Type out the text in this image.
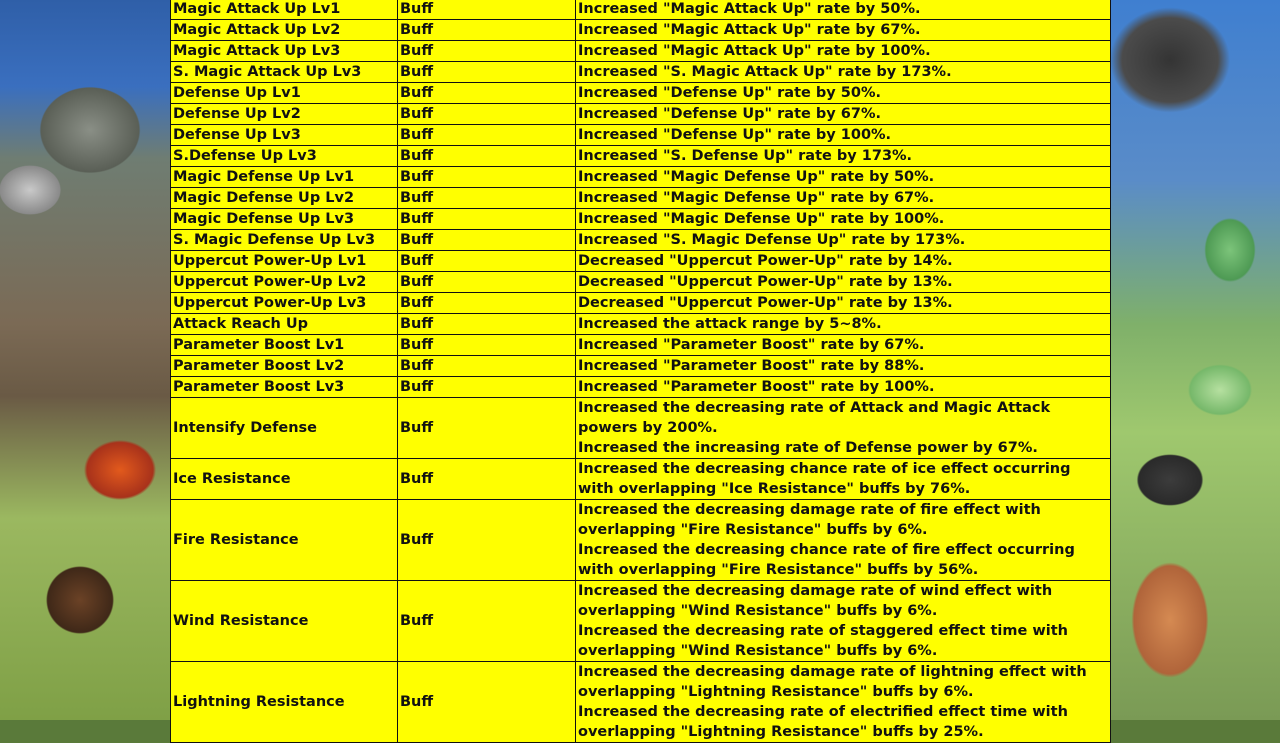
Magic Attack Up Lv1	Buff	Increased "Magic Attack Up" rate by 50%.

Magic Attack Up Lv2	Buff	Increased "Magic Attack Up" rate by 67%.

Magic Attack Up Lv3	Buff	Increased "Magic Attack Up" rate by 100%.

S. Magic Attack Up Lv3	Buff	Increased "S. Magic Attack Up" rate by 173%.

Defense Up Lv1	Buff	Increased "Defense Up" rate by 50%.

Defense Up Lv2	Buff	Increased "Defense Up" rate by 67%.

Defense Up Lv3	Buff	Increased "Defense Up" rate by 100%.

S.Defense Up Lv3	Buff	Increased "S. Defense Up" rate by 173%.

Magic Defense Up Lv1	Buff	Increased "Magic Defense Up" rate by 50%.

Magic Defense Up Lv2	Buff	Increased "Magic Defense Up" rate by 67%.

Magic Defense Up Lv3	Buff	Increased "Magic Defense Up" rate by 100%.

S. Magic Defense Up Lv3	Buff	Increased "S. Magic Defense Up" rate by 173%.

Uppercut Power-Up Lv1	Buff	Decreased "Uppercut Power-Up" rate by 14%.

Uppercut Power-Up Lv2	Buff	Decreased "Uppercut Power-Up" rate by 13%.

Uppercut Power-Up Lv3	Buff	Decreased "Uppercut Power-Up" rate by 13%.

Attack Reach Up	Buff	Increased the attack range by 5~8%.

Parameter Boost Lv1	Buff	Increased "Parameter Boost" rate by 67%.

Parameter Boost Lv2	Buff	Increased "Parameter Boost" rate by 88%.

Parameter Boost Lv3	Buff	Increased "Parameter Boost" rate by 100%.

Intensify Defense	Buff	Increased the decreasing rate of Attack and Magic Attack powers by 200%.
Increased the increasing rate of Defense power by 67%.

Ice Resistance	Buff	Increased the decreasing chance rate of ice effect occurring with overlapping "Ice Resistance" buffs by 76%.

Fire Resistance	Buff	Increased the decreasing damage rate of fire effect with overlapping "Fire Resistance" buffs by 6%.
Increased the decreasing chance rate of fire effect occurring with overlapping "Fire Resistance" buffs by 56%.

Wind Resistance	Buff	Increased the decreasing damage rate of wind effect with overlapping "Wind Resistance" buffs by 6%.
Increased the decreasing rate of staggered effect time with overlapping "Wind Resistance" buffs by 6%.

Lightning Resistance	Buff	Increased the decreasing damage rate of lightning effect with overlapping "Lightning Resistance" buffs by 6%.
Increased the decreasing rate of electrified effect time with overlapping "Lightning Resistance" buffs by 25%.
